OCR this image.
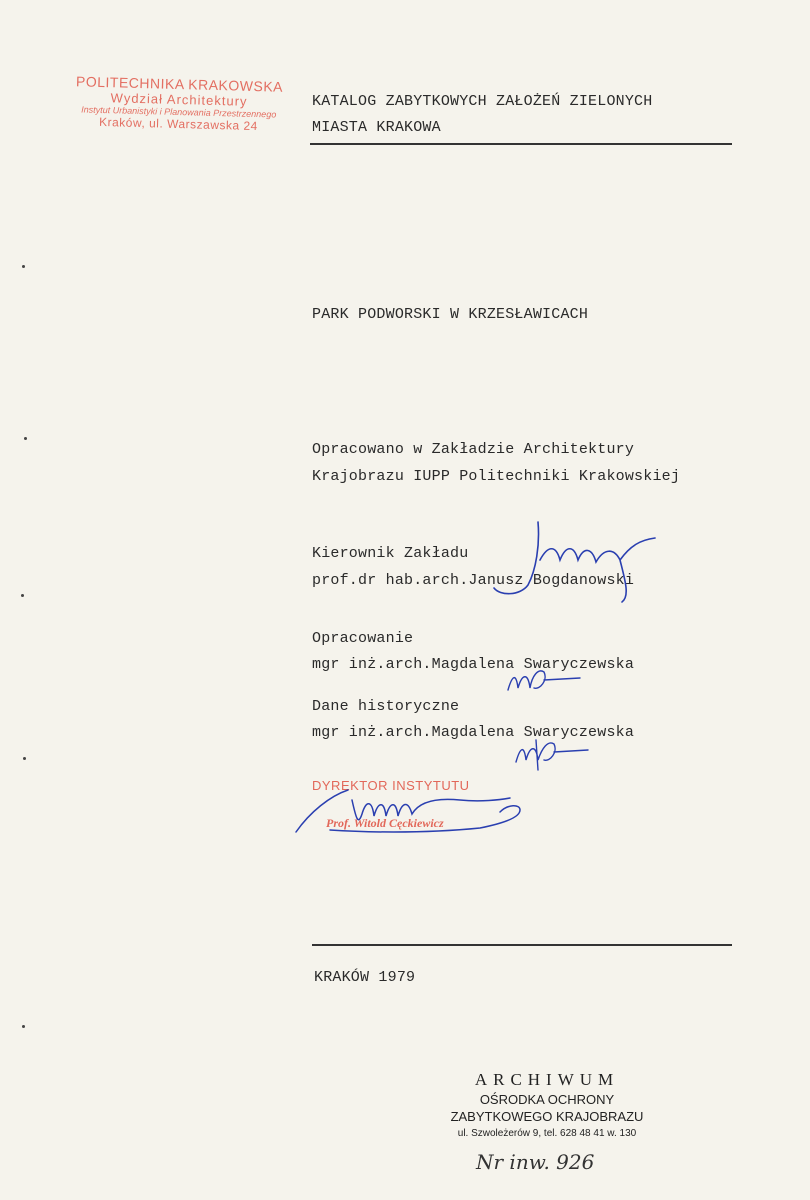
POLITECHNIKA KRAKOWSKA
Wydział Architektury
Instytut Urbanistyki i Planowania Przestrzennego
Kraków, ul. Warszawska 24
KATALOG ZABYTKOWYCH ZAŁOŻEŃ ZIELONYCH
MIASTA KRAKOWA
PARK PODWORSKI W KRZESŁAWICACH
Opracowano w Zakładzie Architektury
Krajobrazu IUPP Politechniki Krakowskiej
Kierownik Zakładu
prof.dr hab.arch.Janusz Bogdanowski
Opracowanie
mgr inż.arch.Magdalena Swaryczewska
Dane historyczne
mgr inż.arch.Magdalena Swaryczewska
DYREKTOR INSTYTUTU
Prof. Witold Cęckiewicz
KRAKÓW 1979
ARCHIWUM
OŚRODKA OCHRONY
ZABYTKOWEGO KRAJOBRAZU
ul. Szwoleżerów 9, tel. 628 48 41 w. 130
Nr inw. 926
